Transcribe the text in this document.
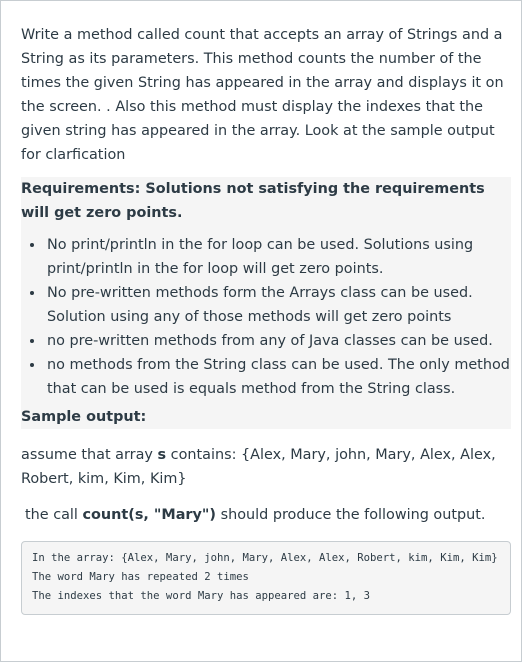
Write a method called count that accepts an array of Strings and a String as its parameters. This method counts the number of the times the given String has appeared in the array and displays it on the screen. . Also this method must display the indexes that the given string has appeared in the array. Look at the sample output for clarfication

Requirements: Solutions not satisfying the requirements will get zero points.

• No print/println in the for loop can be used. Solutions using print/println in the for loop will get zero points.
• No pre-written methods form the Arrays class can be used. Solution using any of those methods will get zero points
• no pre-written methods from any of Java classes can be used.
• no methods from the String class can be used. The only method that can be used is equals method from the String class.

Sample output:

assume that array s contains: {Alex, Mary, john, Mary, Alex, Alex, Robert, kim, Kim, Kim}

the call count(s, "Mary") should produce the following output.

In the array: {Alex, Mary, john, Mary, Alex, Alex, Robert, kim, Kim, Kim}
The word Mary has repeated 2 times
The indexes that the word Mary has appeared are: 1, 3
